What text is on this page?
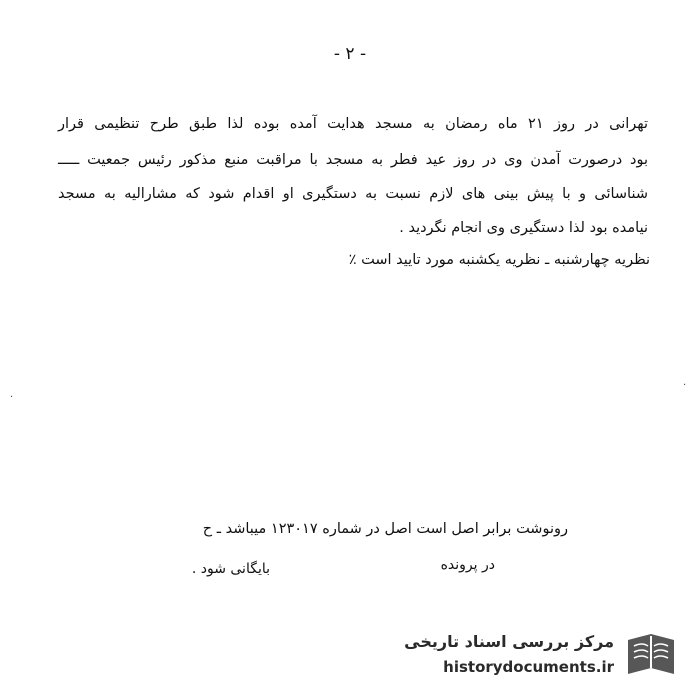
- ۲ -
تهرانی در روز ۲۱ ماه رمضان به مسجد هدایت آمده بوده لذا طبق طرح تنظیمی قرار
بود درصورت آمدن وی در روز عید فطر به مسجد با مراقبت منبع مذکور رئیس جمعیت ـــــ
شناسائی و با پیش بینی های لازم نسبت به دستگیری او اقدام شود که مشارالیه به مسجد
نیامده بود لذا دستگیری وی انجام نگردید .
نظریه چهارشنبه ـ نظریه یکشنبه مورد تایید است ٪
·
·
رونوشت برابر اصل است اصل در شماره ۱۲۳۰۱۷ میباشد ـ ح
در پرونده
بایگانی شود .
مرکز بررسی اسناد تاریخی
historydocuments.ir
